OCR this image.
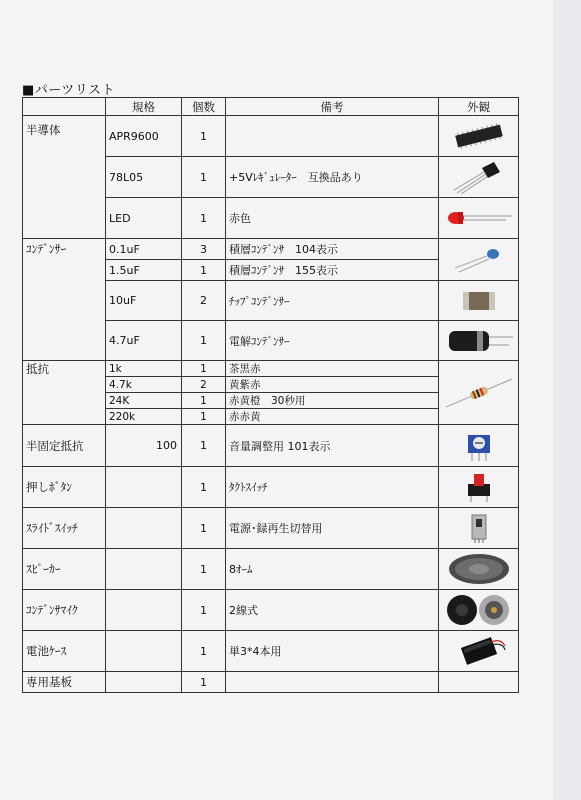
■パーツリスト
	規格	個数	備考	外観
半導体	APR9600	1		

	78L05	1	+5Vﾚｷﾞｭﾚｰﾀｰ　互換品あり	

	LED	1	赤色	

ｺﾝﾃﾞﾝｻｰ	0.1uF	3	積層ｺﾝﾃﾞﾝｻ　104表示	

	1.5uF	1	積層ｺﾝﾃﾞﾝｻ　155表示	
	10uF	2	ﾁｯﾌﾟｺﾝﾃﾞﾝｻｰ	

	4.7uF	1	電解ｺﾝﾃﾞﾝｻｰ	

抵抗	1k	1	茶黒赤	

	4.7k	2	黄紫赤	
	24K	1	赤黄橙　30秒用	
	220k	1	赤赤黄	
半固定抵抗	100	1	音量調整用 101表示	

押しﾎﾞﾀﾝ		1	ﾀｸﾄｽｲｯﾁ	

ｽﾗｲﾄﾞｽｲｯﾁ		1	電源･録再生切替用	

ｽﾋﾟｰｶｰ		1	8ｵｰﾑ	

ｺﾝﾃﾞﾝｻﾏｲｸ		1	2線式	

電池ｹｰｽ		1	単3*4本用	

専用基板		1		
